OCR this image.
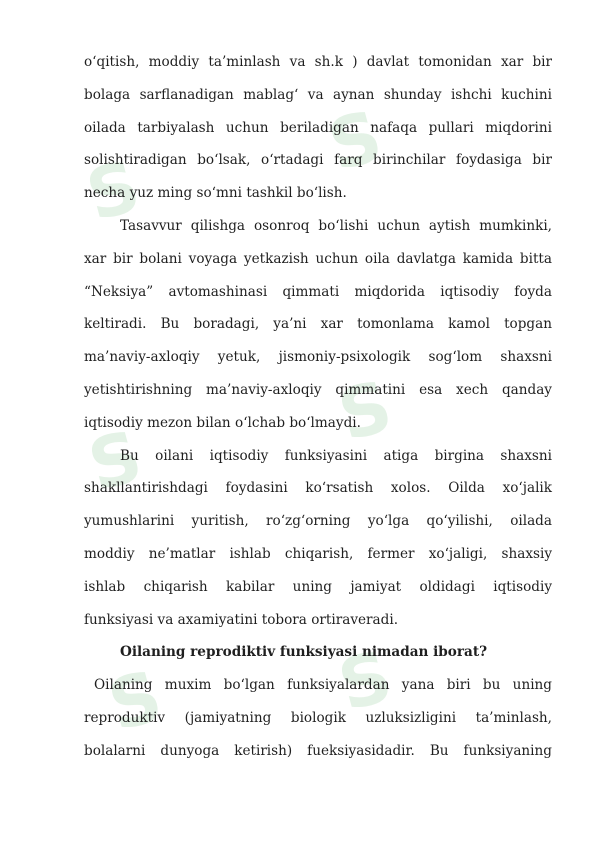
S
S
S
S
S S
o‘qitish, moddiy ta’minlash va sh.k ) davlat tomonidan xar bir
bolaga sarflanadigan mablag‘ va aynan shunday ishchi kuchini
oilada tarbiyalash uchun beriladigan nafaqa pullari miqdorini
solishtiradigan bo‘lsak, o‘rtadagi farq birinchilar foydasiga bir
necha yuz ming so‘mni tashkil bo‘lish.
Tasavvur qilishga osonroq bo‘lishi uchun aytish mumkinki,
xar bir bolani voyaga yetkazish uchun oila davlatga kamida bitta
“Neksiya” avtomashinasi qimmati miqdorida iqtisodiy foyda
keltiradi. Bu boradagi, ya’ni xar tomonlama kamol topgan
ma’naviy-axloqiy yetuk, jismoniy-psixologik sog‘lom shaxsni
yetishtirishning ma’naviy-axloqiy qimmatini esa xech qanday
iqtisodiy mezon bilan o‘lchab bo‘lmaydi.
Bu oilani iqtisodiy funksiyasini atiga birgina shaxsni
shakllantirishdagi foydasini ko‘rsatish xolos. Oilda xo‘jalik
yumushlarini yuritish, ro‘zg‘orning yo‘lga qo‘yilishi, oilada
moddiy ne’matlar ishlab chiqarish, fermer xo‘jaligi, shaxsiy
ishlab chiqarish kabilar uning jamiyat oldidagi iqtisodiy
funksiyasi va axamiyatini tobora ortiraveradi.
Oilaning reprodiktiv funksiyasi nimadan iborat?
Oilaning muxim bo‘lgan funksiyalardan yana biri bu uning
reproduktiv (jamiyatning biologik uzluksizligini ta’minlash,
bolalarni dunyoga ketirish) fueksiyasidadir. Bu funksiyaning
